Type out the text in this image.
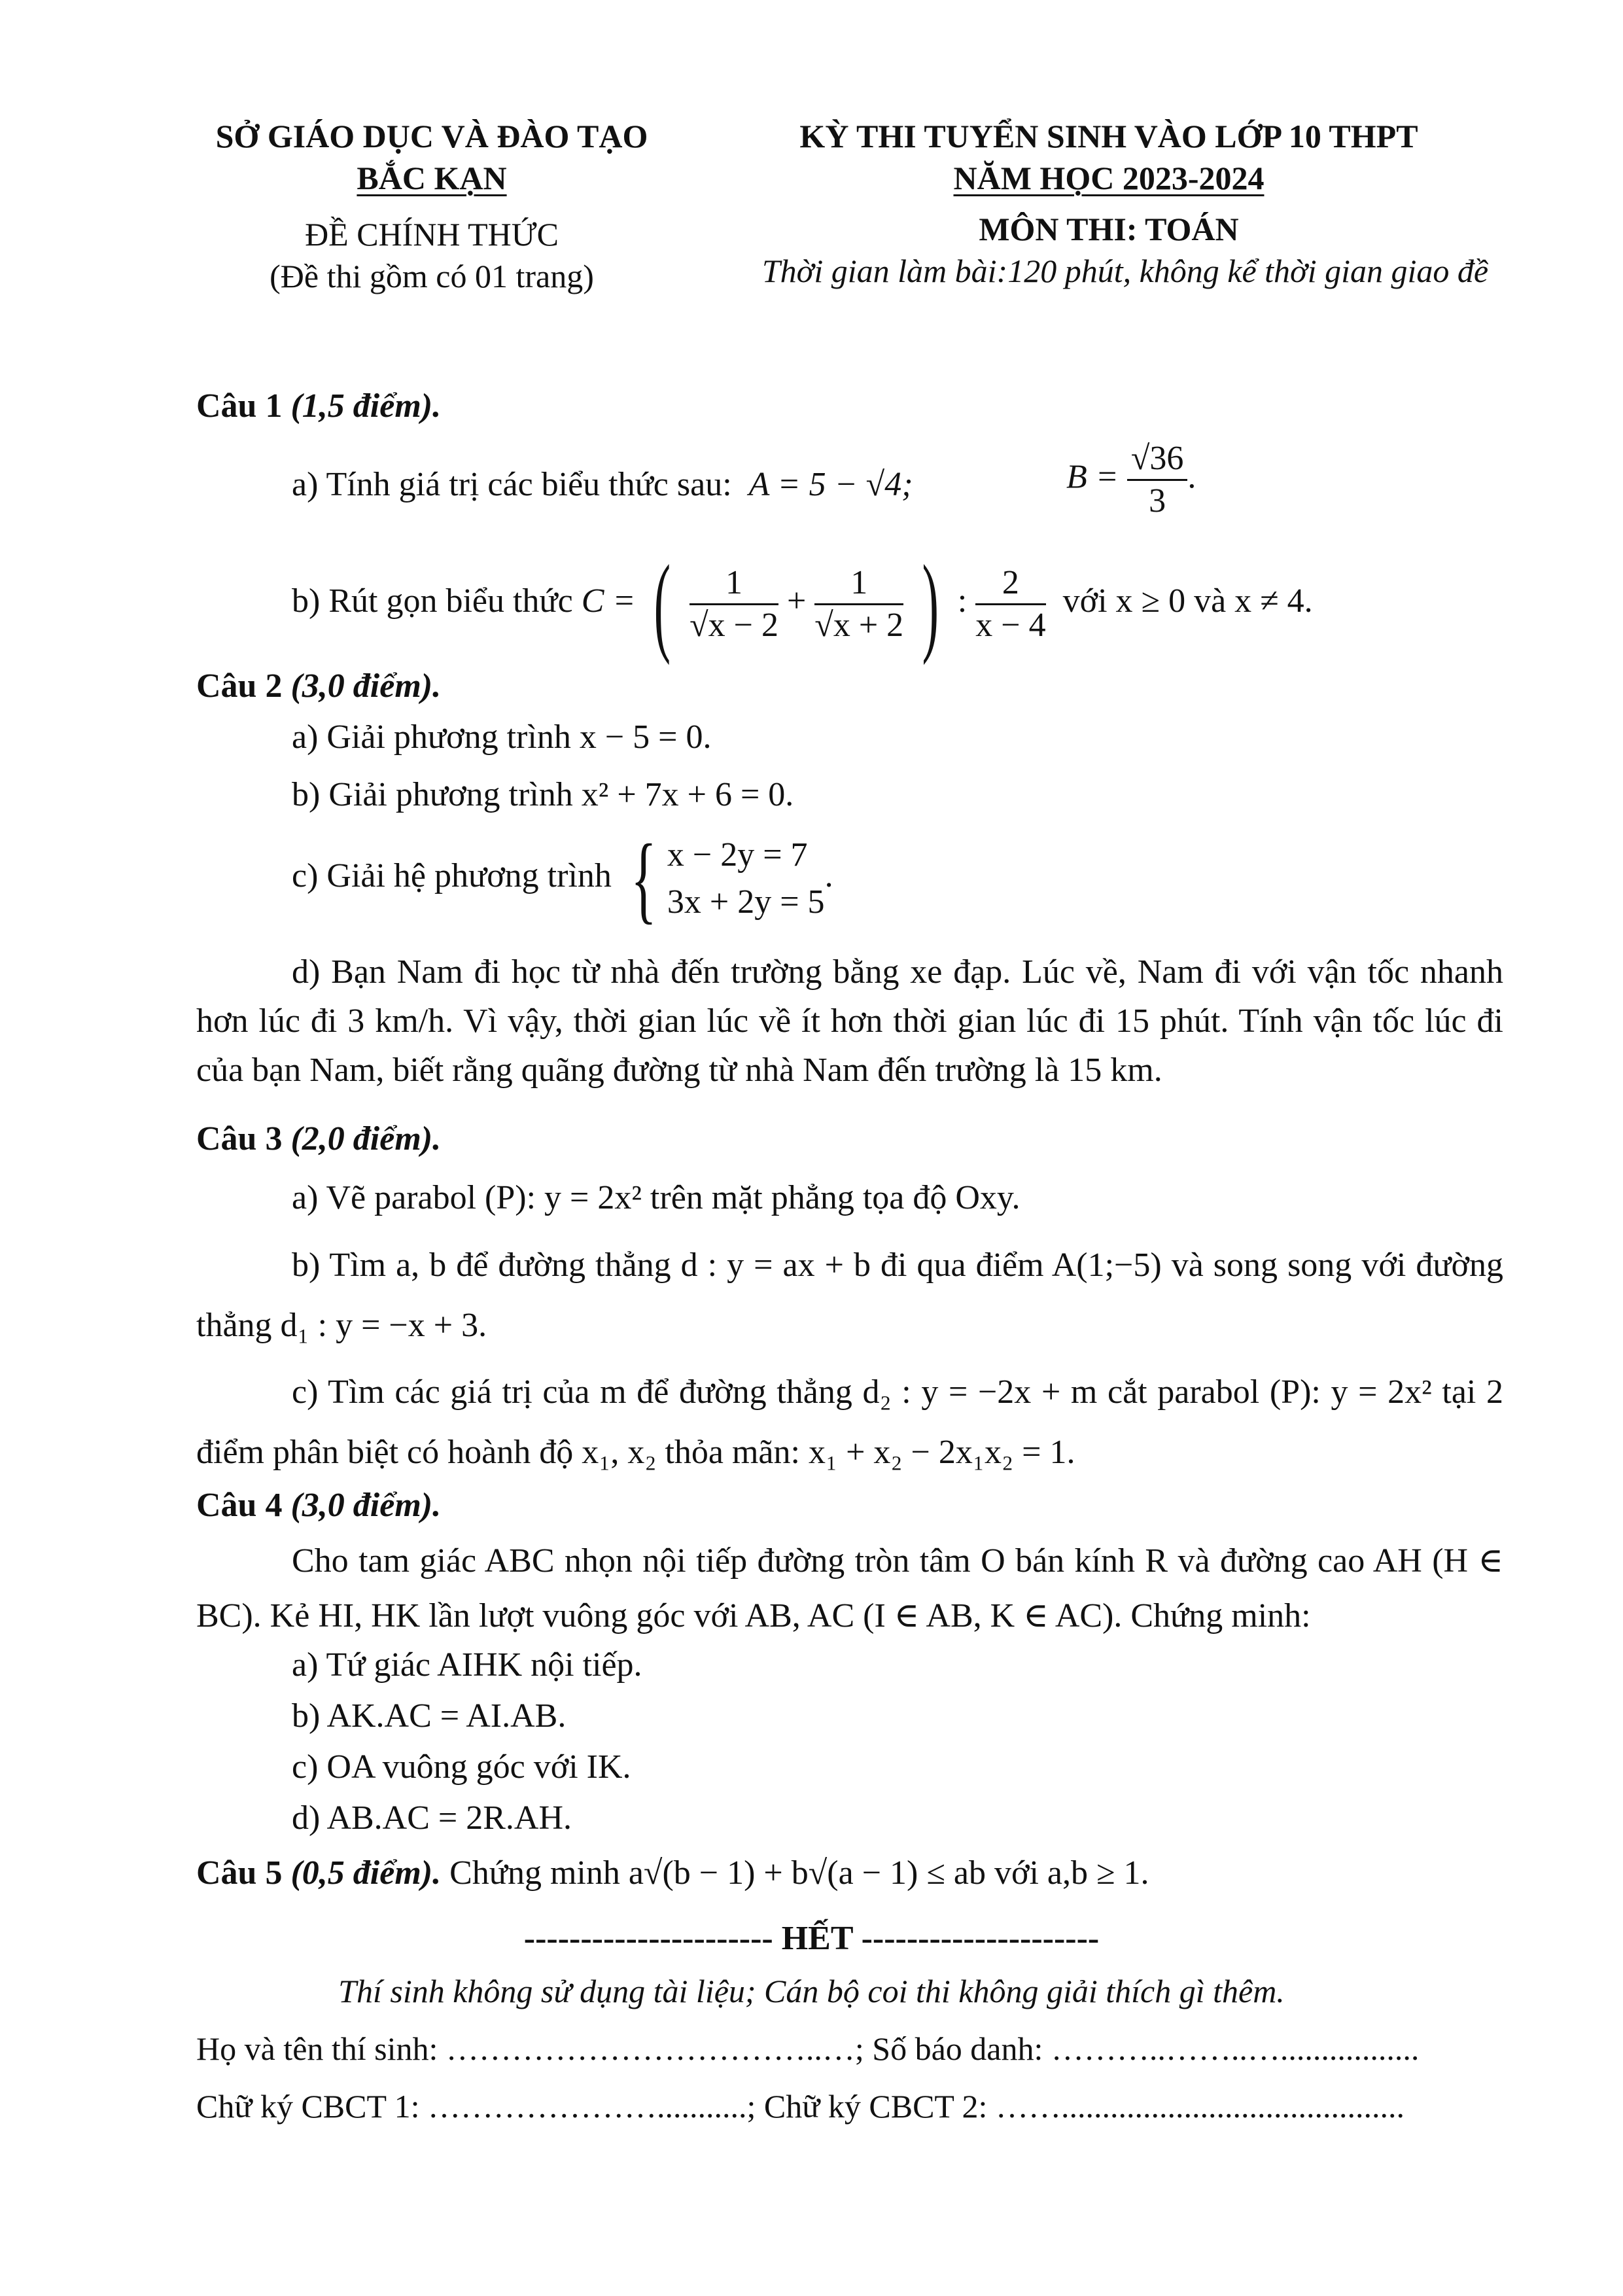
SỞ GIÁO DỤC VÀ ĐÀO TẠO
BẮC KẠN
ĐỀ CHÍNH THỨC
(Đề thi gồm có 01 trang)
KỲ THI TUYỂN SINH VÀO LỚP 10 THPT
NĂM HỌC 2023-2024
MÔN THI: TOÁN
Thời gian làm bài:120 phút, không kể thời gian giao đề
Câu 1 (1,5 điểm).
a) Tính giá trị các biểu thức sau: A = 5 − √4;	$B = \frac{√36}{3}$ .
b) Rút gọn biểu thức C = ( $\frac{1}{√x - 2} + \frac{1}{√x + 2}$ ) : $\frac{2}{x - 4}$ với x ≥ 0 và x ≠ 4.
Câu 2 (3,0 điểm).
a) Giải phương trình x − 5 = 0.
b) Giải phương trình x² + 7x + 6 = 0.
c) Giải hệ phương trình { x − 2y = 7
3x + 2y = 5
.
d) Bạn Nam đi học từ nhà đến trường bằng xe đạp. Lúc về, Nam đi với vận tốc nhanh hơn lúc đi 3 km/h. Vì vậy, thời gian lúc về ít hơn thời gian lúc đi 15 phút. Tính vận tốc lúc đi của bạn Nam, biết rằng quãng đường từ nhà Nam đến trường là 15 km.
Câu 3 (2,0 điểm).
a) Vẽ parabol (P): y = 2x² trên mặt phẳng tọa độ Oxy.
b) Tìm a, b để đường thẳng d : y = ax + b đi qua điểm A(1;−5) và song song với đường thẳng d₁ : y = −x + 3.
c) Tìm các giá trị của m để đường thẳng d₂ : y = −2x + m cắt parabol (P): y = 2x² tại 2 điểm phân biệt có hoành độ x₁, x₂ thỏa mãn: x₁ + x₂ − 2x₁x₂ = 1.
Câu 4 (3,0 điểm).
Cho tam giác ABC nhọn nội tiếp đường tròn tâm O bán kính R và đường cao AH (H ∈ BC). Kẻ HI, HK lần lượt vuông góc với AB, AC (I ∈ AB, K ∈ AC). Chứng minh:
a) Tứ giác AIHK nội tiếp.
b) AK.AC = AI.AB.
c) OA vuông góc với IK.
d) AB.AC = 2R.AH.
Câu 5 (0,5 điểm). Chứng minh a√(b − 1) + b√(a − 1) ≤ ab với a,b ≥ 1.
---------------------- HẾT ---------------------
Thí sinh không sử dụng tài liệu; Cán bộ coi thi không giải thích gì thêm.
Họ và tên thí sinh: ……………………………..…; Số báo danh: ………..……..….................
Chữ ký CBCT 1: …………………...........; Chữ ký CBCT 2: ……..........................................
